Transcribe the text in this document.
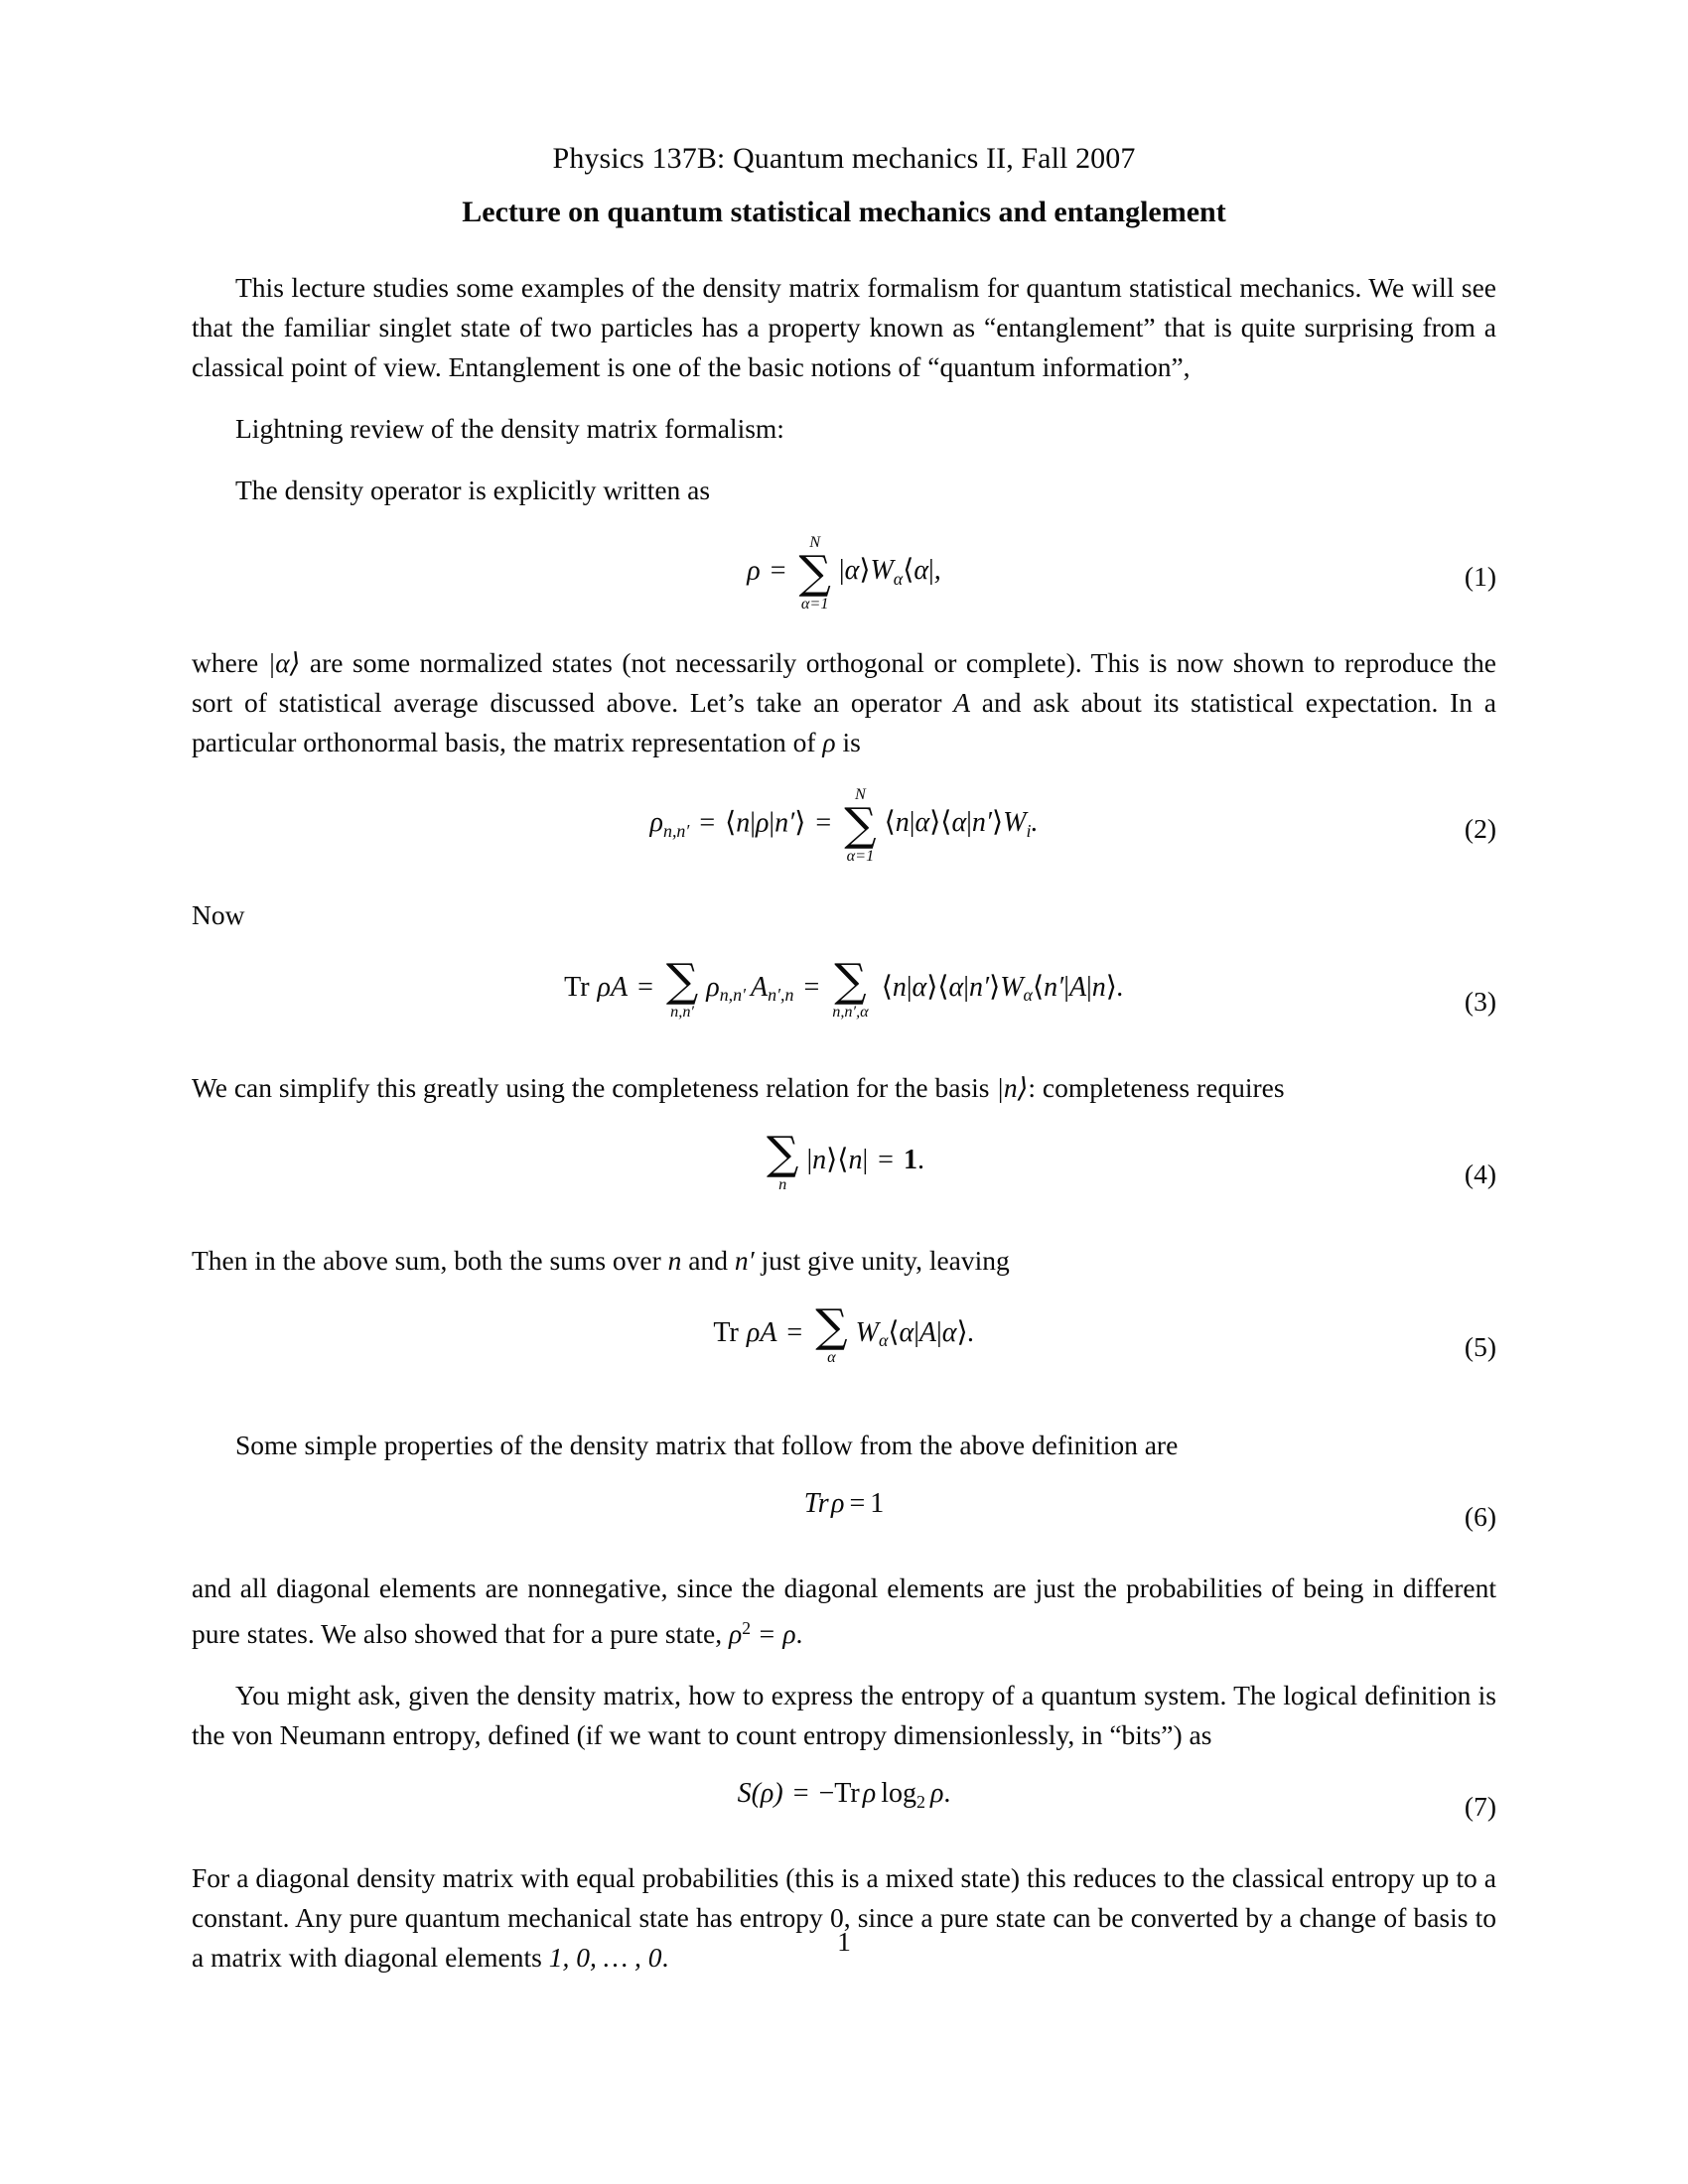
Physics 137B: Quantum mechanics II, Fall 2007
Lecture on quantum statistical mechanics and entanglement

This lecture studies some examples of the density matrix formalism for quantum statistical mechanics. We will see that the familiar singlet state of two particles has a property known as “entanglement” that is quite surprising from a classical point of view. Entanglement is one of the basic notions of “quantum information”,

Lightning review of the density matrix formalism:

The density operator is explicitly written as

ρ =
N
∑
α=1
|α⟩Wα⟨α|,	(1)

where |α⟩ are some normalized states (not necessarily orthogonal or complete). This is now shown to reproduce the sort of statistical average discussed above. Let’s take an operator A and ask about its statistical expectation. In a particular orthonormal basis, the matrix representation of ρ is

ρn,n′ = ⟨n|ρ|n′⟩ =
N
∑
α=1
⟨n|α⟩⟨α|n′⟩Wi.	(2)

Now

Tr ρA = ∑
n,n′
ρn,n′ An′,n = ∑
n,n′,α
⟨n|α⟩⟨α|n′⟩Wα⟨n′|A|n⟩.	(3)

We can simplify this greatly using the completeness relation for the basis |n⟩: completeness requires

∑
n
|n⟩⟨n| = 1.	(4)

Then in the above sum, both the sums over n and n′ just give unity, leaving

Tr ρA = ∑
α
Wα⟨α|A|α⟩.	(5)

Some simple properties of the density matrix that follow from the above definition are

Tr ρ = 1	(6)

and all diagonal elements are nonnegative, since the diagonal elements are just the probabilities of being in different pure states. We also showed that for a pure state, ρ2 = ρ.

You might ask, given the density matrix, how to express the entropy of a quantum system. The logical definition is the von Neumann entropy, defined (if we want to count entropy dimensionlessly, in “bits”) as

S(ρ) = −Tr ρ log2 ρ.	(7)

For a diagonal density matrix with equal probabilities (this is a mixed state) this reduces to the classical entropy up to a constant. Any pure quantum mechanical state has entropy 0, since a pure state can be converted by a change of basis to a matrix with diagonal elements 1, 0, … , 0.

1
